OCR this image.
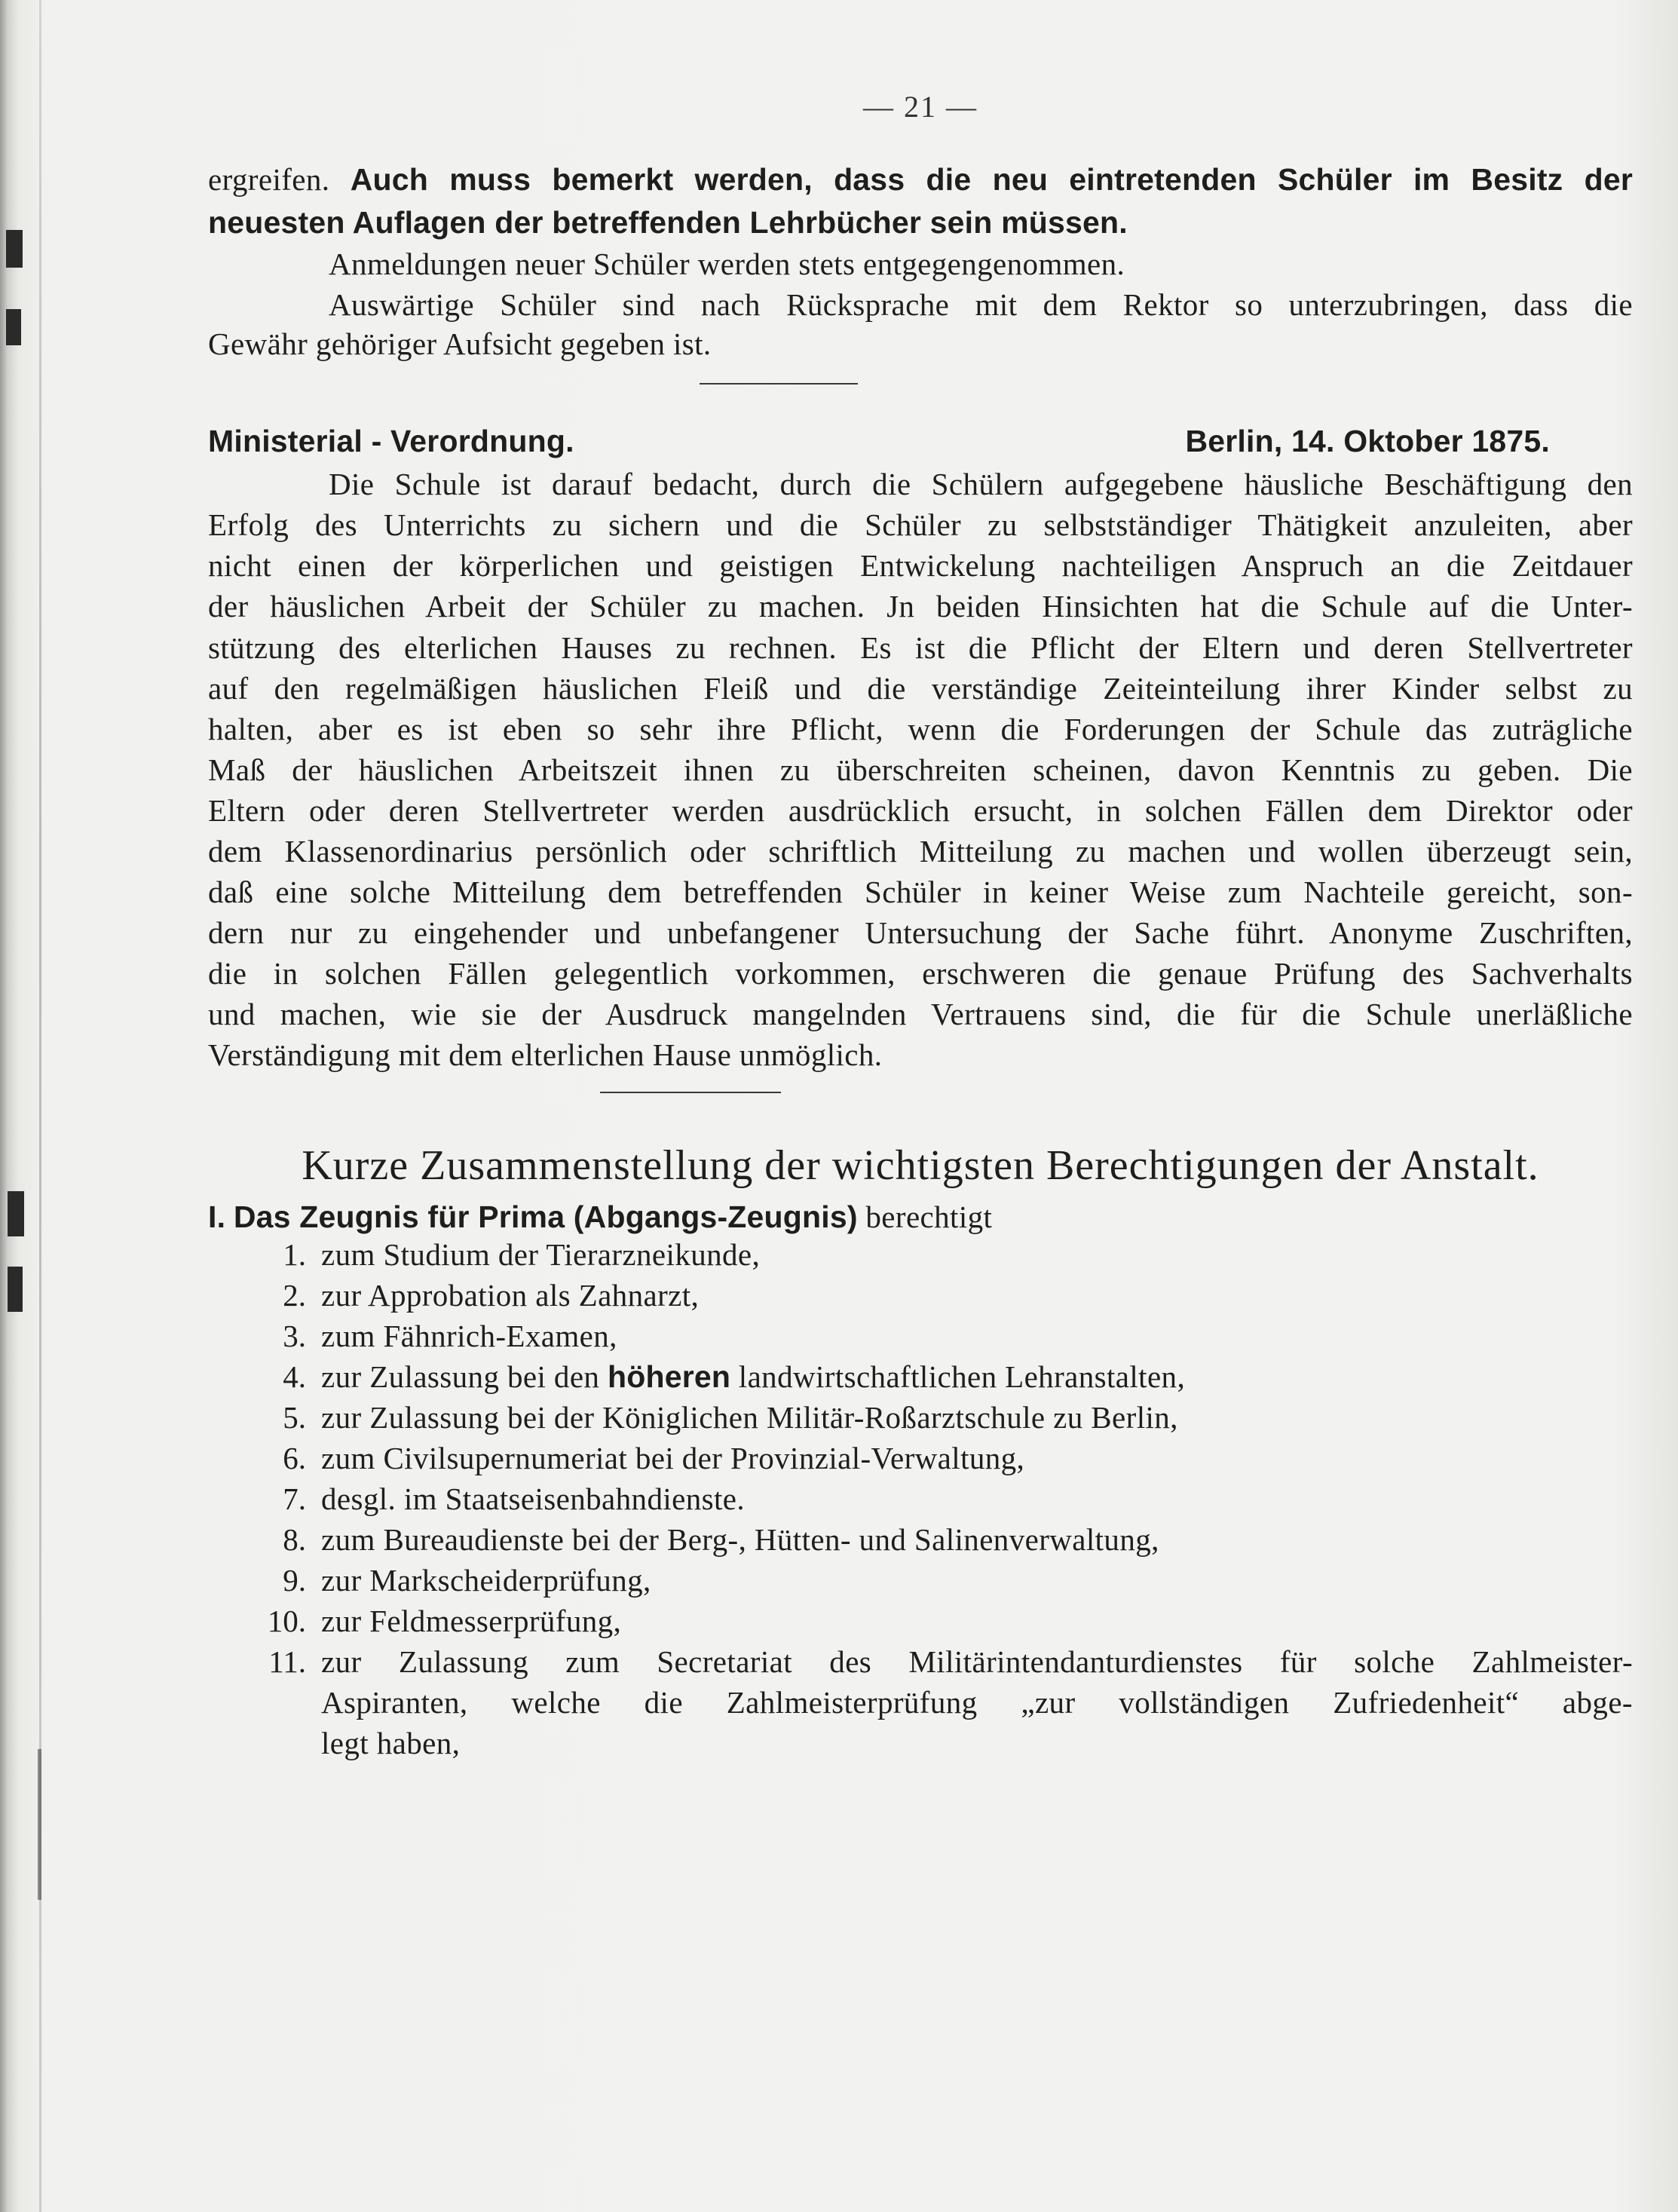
— 21 —
ergreifen. Auch muss bemerkt werden, dass die neu eintretenden Schüler im Besitz der
neuesten Auflagen der betreffenden Lehrbücher sein müssen.
Anmeldungen neuer Schüler werden stets entgegengenommen.
Auswärtige Schüler sind nach Rücksprache mit dem Rektor so unterzubringen, dass die
Gewähr gehöriger Aufsicht gegeben ist.
Ministerial - Verordnung.	Berlin, 14. Oktober 1875.
Die Schule ist darauf bedacht, durch die Schülern aufgegebene häusliche Beschäftigung den
Erfolg des Unterrichts zu sichern und die Schüler zu selbstständiger Thätigkeit anzuleiten, aber
nicht einen der körperlichen und geistigen Entwickelung nachteiligen Anspruch an die Zeitdauer
der häuslichen Arbeit der Schüler zu machen. Jn beiden Hinsichten hat die Schule auf die Unter-
stützung des elterlichen Hauses zu rechnen. Es ist die Pflicht der Eltern und deren Stellvertreter
auf den regelmäßigen häuslichen Fleiß und die verständige Zeiteinteilung ihrer Kinder selbst zu
halten, aber es ist eben so sehr ihre Pflicht, wenn die Forderungen der Schule das zuträgliche
Maß der häuslichen Arbeitszeit ihnen zu überschreiten scheinen, davon Kenntnis zu geben. Die
Eltern oder deren Stellvertreter werden ausdrücklich ersucht, in solchen Fällen dem Direktor oder
dem Klassenordinarius persönlich oder schriftlich Mitteilung zu machen und wollen überzeugt sein,
daß eine solche Mitteilung dem betreffenden Schüler in keiner Weise zum Nachteile gereicht, son-
dern nur zu eingehender und unbefangener Untersuchung der Sache führt. Anonyme Zuschriften,
die in solchen Fällen gelegentlich vorkommen, erschweren die genaue Prüfung des Sachverhalts
und machen, wie sie der Ausdruck mangelnden Vertrauens sind, die für die Schule unerläßliche
Verständigung mit dem elterlichen Hause unmöglich.
Kurze Zusammenstellung der wichtigsten Berechtigungen der Anstalt.
I. Das Zeugnis für Prima (Abgangs-Zeugnis) berechtigt
1. zum Studium der Tierarzneikunde,
2. zur Approbation als Zahnarzt,
3. zum Fähnrich-Examen,
4. zur Zulassung bei den höheren landwirtschaftlichen Lehranstalten,
5. zur Zulassung bei der Königlichen Militär-Roßarztschule zu Berlin,
6. zum Civilsupernumeriat bei der Provinzial-Verwaltung,
7. desgl. im Staatseisenbahndienste.
8. zum Bureaudienste bei der Berg-, Hütten- und Salinenverwaltung,
9. zur Markscheiderprüfung,
10. zur Feldmesserprüfung,
11. zur Zulassung zum Secretariat des Militärintendanturdienstes für solche Zahlmeister-
Aspiranten, welche die Zahlmeisterprüfung „zur vollständigen Zufriedenheit“ abge-
legt haben,
